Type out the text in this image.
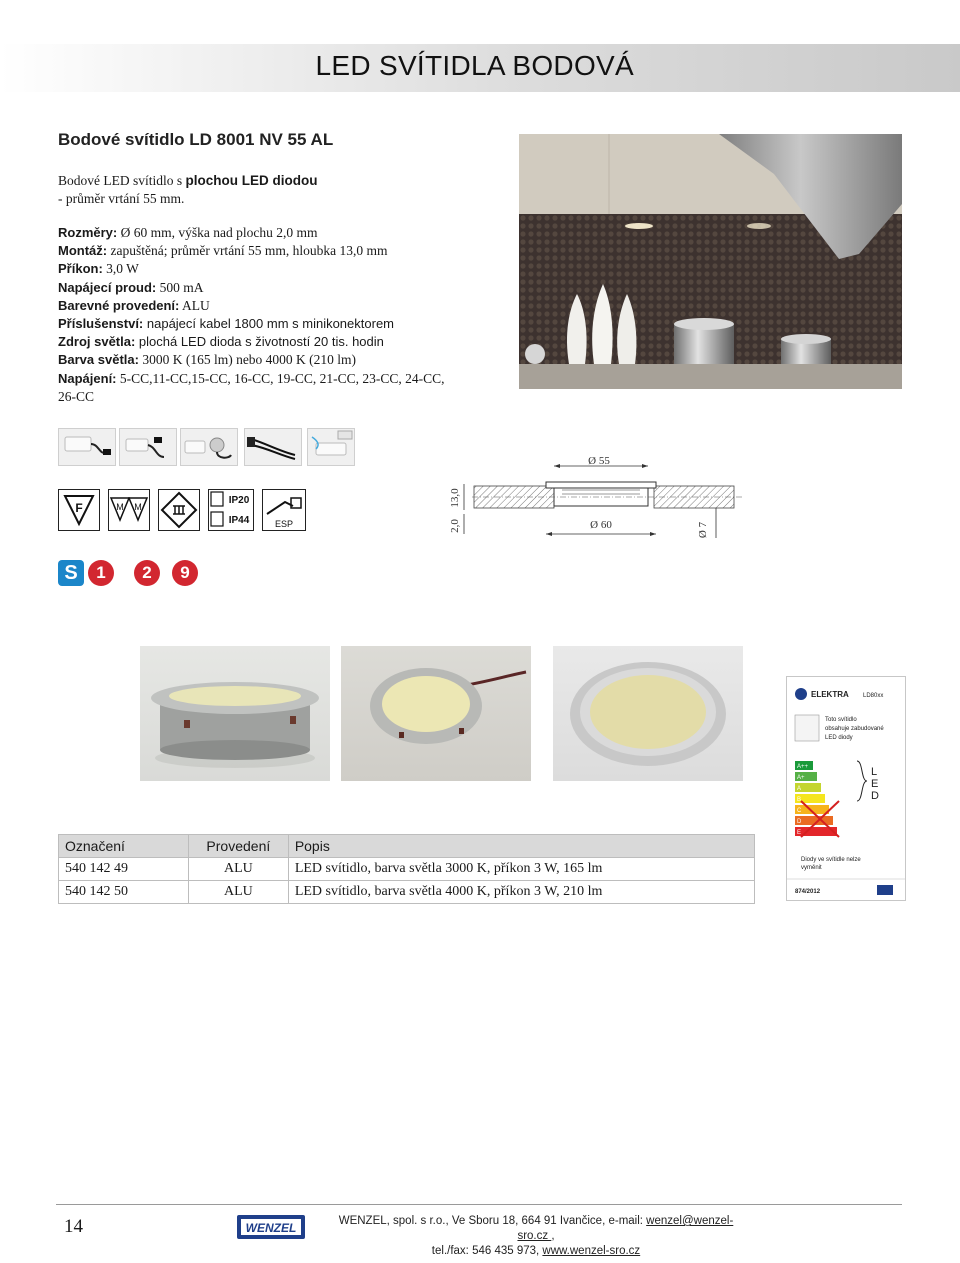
LED SVÍTIDLA BODOVÁ
Bodové svítidlo LD 8001 NV 55 AL
Bodové LED svítidlo s plochou LED diodou
- průměr vrtání 55 mm.
Rozměry: Ø 60 mm, výška nad plochu 2,0 mm
Montáž: zapuštěná; průměr vrtání 55 mm, hloubka 13,0 mm
Příkon: 3,0 W
Napájecí proud: 500 mA
Barevné provedení: ALU
Příslušenství: napájecí kabel 1800 mm s minikonektorem
Zdroj světla: plochá LED dioda s životností 20 tis. hodin
Barva světla: 3000 K (165 lm) nebo 4000 K (210 lm)
Napájení: 5-CC,11-CC,15-CC, 16-CC, 19-CC, 21-CC, 23-CC, 24-CC,
26-CC
F	M M
IP20
IP44	ESP
Ø 55
Ø 60
13,0
2,0	Ø 7
S	1	2	9
ELEKTRA LD80xx
Toto svítidlo
obsahuje zabudované
LED diody
A++
A+
A
B
C
D
E
L
E
D
Diody ve svítidle nelze
vyměnit
874/2012
Označení	Provedení	Popis
540 142 49	ALU	LED svítidlo, barva světla 3000 K, příkon 3 W, 165 lm
540 142 50	ALU	LED svítidlo, barva světla 4000 K, příkon 3 W, 210 lm
14	WENZEL	WENZEL, spol. s r.o., Ve Sboru 18, 664 91 Ivančice, e-mail: wenzel@wenzel-sro.cz ,
tel./fax: 546 435 973, www.wenzel-sro.cz
